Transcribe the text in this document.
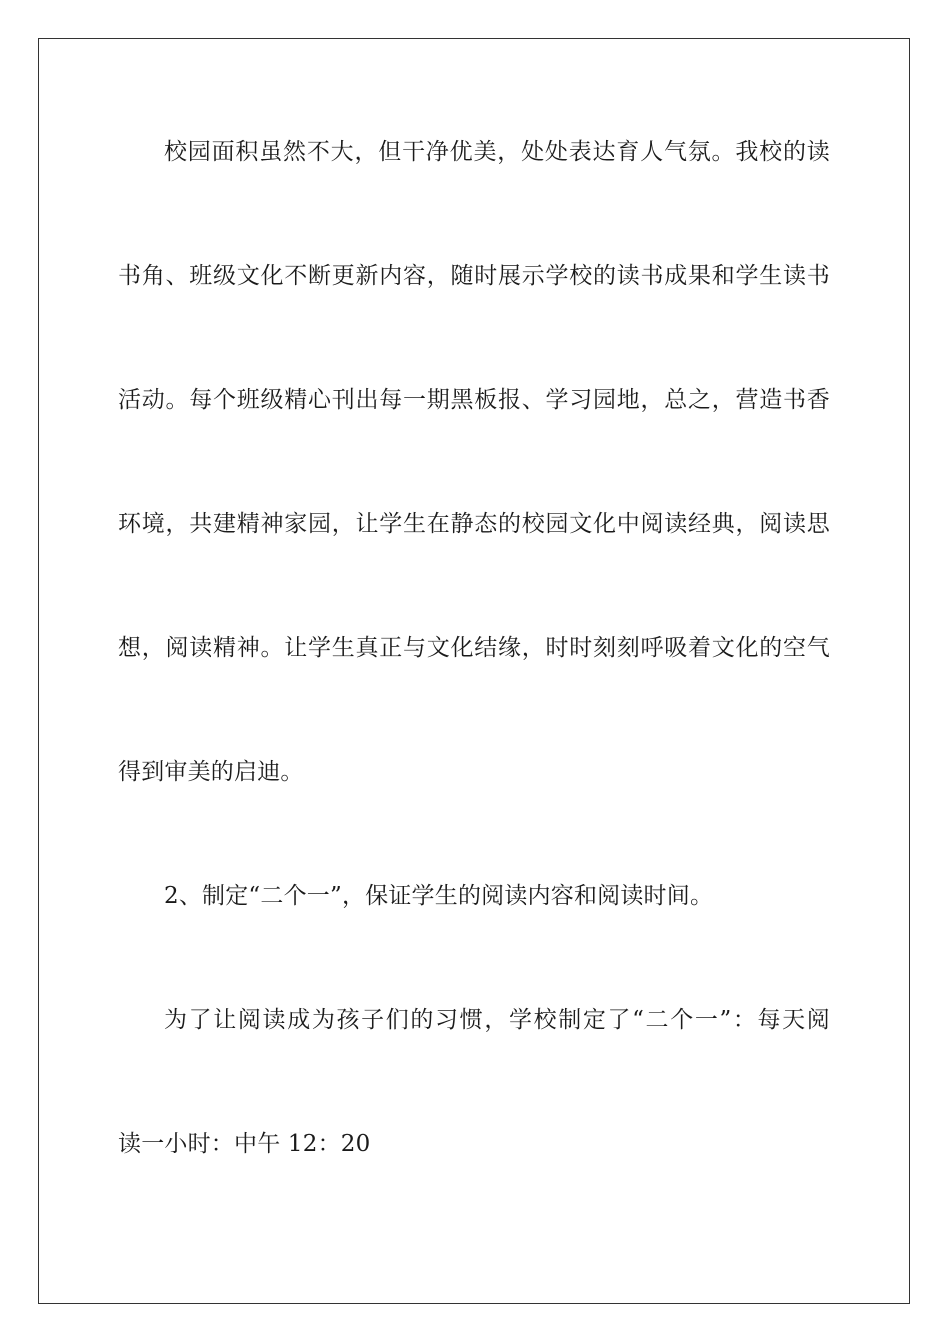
校园面积虽然不大，但干净优美，处处表达育人气氛。我校的读
书角、班级文化不断更新内容，随时展示学校的读书成果和学生读书
活动。每个班级精心刊出每一期黑板报、学习园地，总之，营造书香
环境，共建精神家园，让学生在静态的校园文化中阅读经典，阅读思
想，阅读精神。让学生真正与文化结缘，时时刻刻呼吸着文化的空气
得到审美的启迪。
2、制定“二个一”，保证学生的阅读内容和阅读时间。
为了让阅读成为孩子们的习惯，学校制定了“二个一”：每天阅
读一小时：中午 12：20
